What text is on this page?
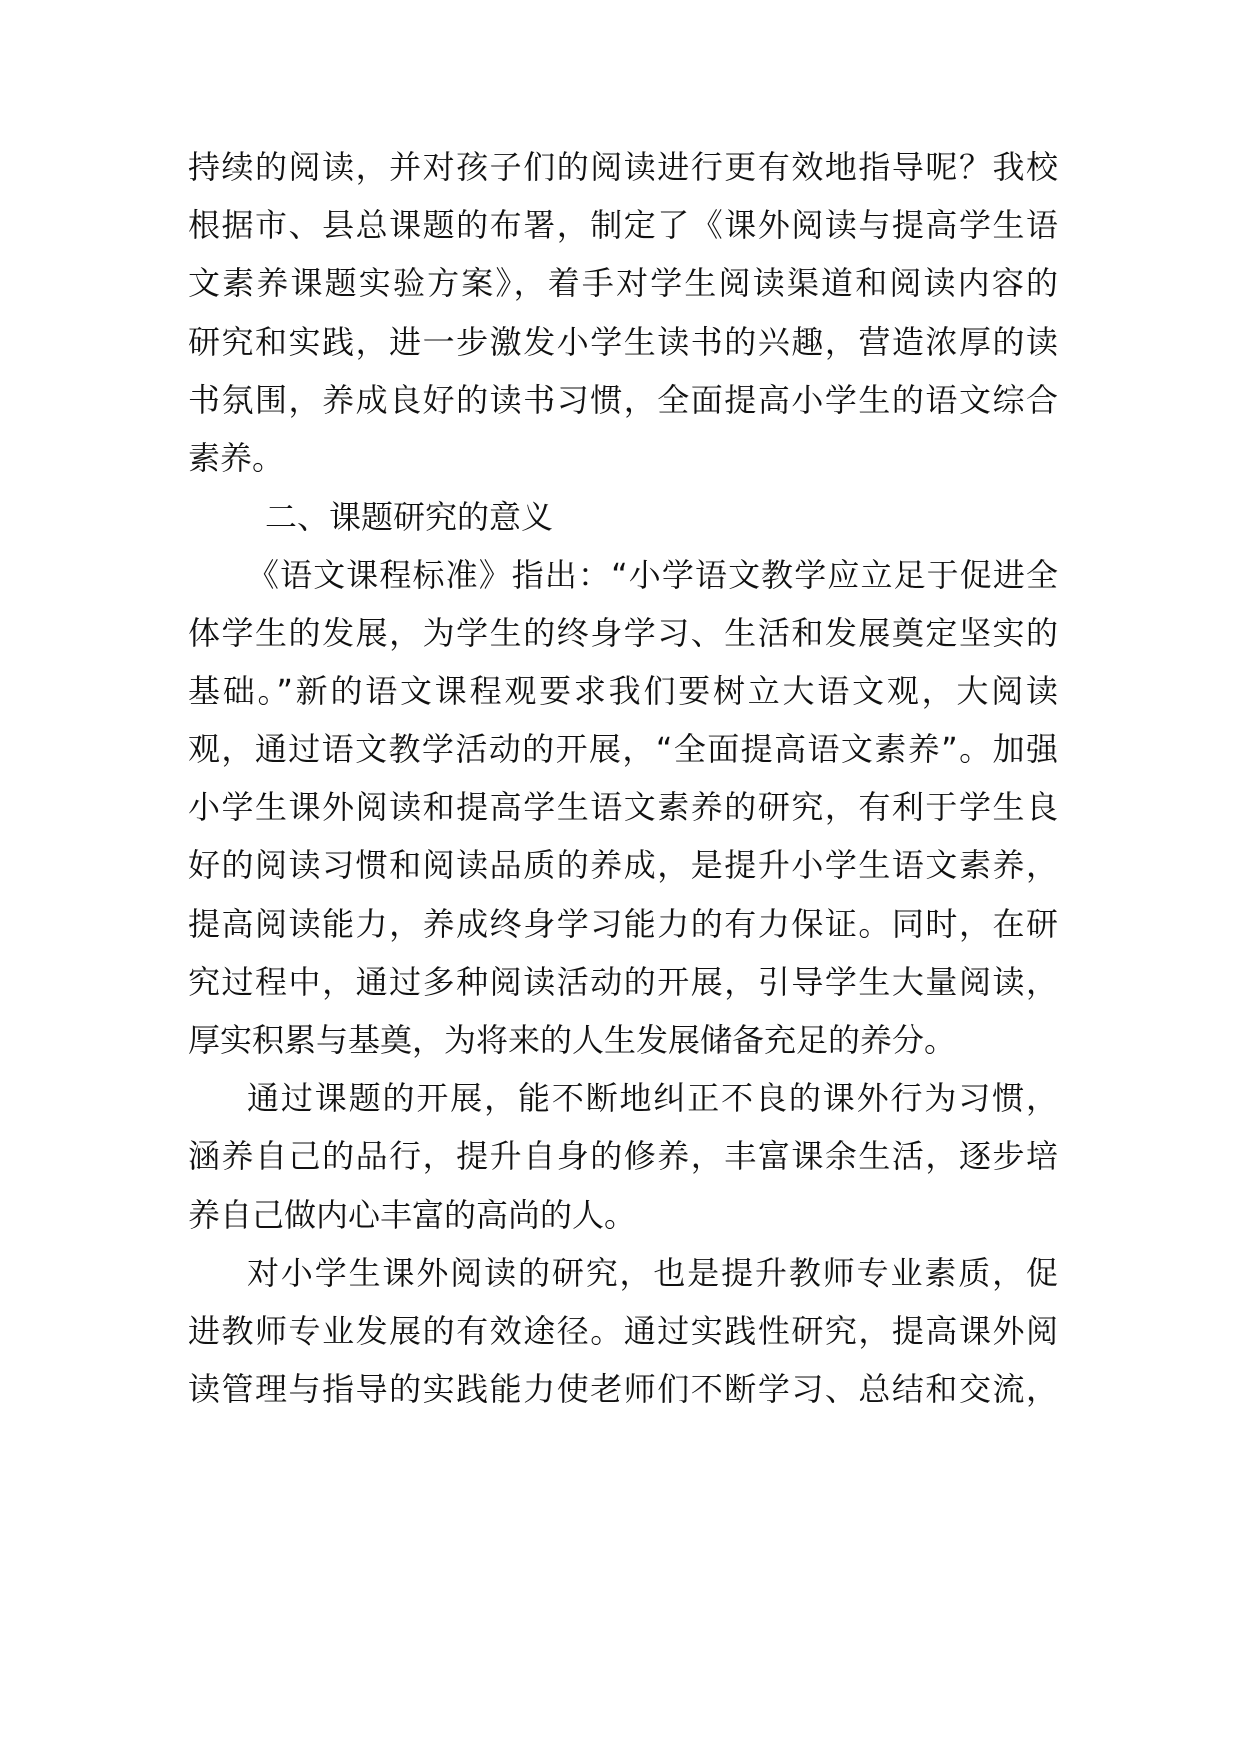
持续的阅读，并对孩子们的阅读进行更有效地指导呢？我校
根据市、县总课题的布署，制定了《课外阅读与提高学生语
文素养课题实验方案》，着手对学生阅读渠道和阅读内容的
研究和实践，进一步激发小学生读书的兴趣，营造浓厚的读
书氛围，养成良好的读书习惯，全面提高小学生的语文综合
素养。
二、课题研究的意义
《语文课程标准》指出：“小学语文教学应立足于促进全
体学生的发展，为学生的终身学习、生活和发展奠定坚实的
基础。”新的语文课程观要求我们要树立大语文观，大阅读
观，通过语文教学活动的开展，“全面提高语文素养”。加强
小学生课外阅读和提高学生语文素养的研究，有利于学生良
好的阅读习惯和阅读品质的养成，是提升小学生语文素养，
提高阅读能力，养成终身学习能力的有力保证。同时，在研
究过程中，通过多种阅读活动的开展，引导学生大量阅读，
厚实积累与基奠，为将来的人生发展储备充足的养分。
通过课题的开展，能不断地纠正不良的课外行为习惯，
涵养自己的品行，提升自身的修养，丰富课余生活，逐步培
养自己做内心丰富的高尚的人。
对小学生课外阅读的研究，也是提升教师专业素质，促
进教师专业发展的有效途径。通过实践性研究，提高课外阅
读管理与指导的实践能力使老师们不断学习、总结和交流，
